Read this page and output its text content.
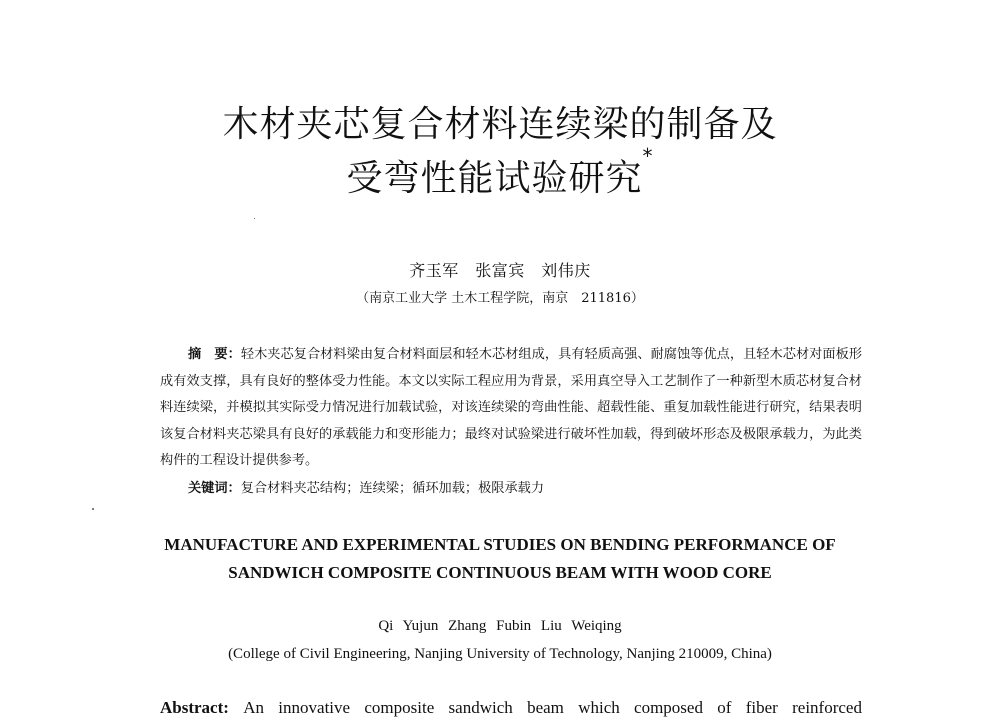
木材夹芯复合材料连续梁的制备及
受弯性能试验研究*
齐玉军　张富宾　刘伟庆
（南京工业大学 土木工程学院，南京　211816）

摘　要：轻木夹芯复合材料梁由复合材料面层和轻木芯材组成，具有轻质高强、耐腐蚀等优点，且轻木芯材对面板形成有效支撑，具有良好的整体受力性能。本文以实际工程应用为背景，采用真空导入工艺制作了一种新型木质芯材复合材料连续梁，并模拟其实际受力情况进行加载试验，对该连续梁的弯曲性能、超载性能、重复加载性能进行研究，结果表明该复合材料夹芯梁具有良好的承载能力和变形能力；最终对试验梁进行破坏性加载，得到破坏形态及极限承载力，为此类构件的工程设计提供参考。

关键词：复合材料夹芯结构；连续梁；循环加载；极限承载力

MANUFACTURE AND EXPERIMENTAL STUDIES ON BENDING PERFORMANCE OF
SANDWICH COMPOSITE CONTINUOUS BEAM WITH WOOD CORE
Qi Yujun Zhang Fubin Liu Weiqing
(College of Civil Engineering, Nanjing University of Technology, Nanjing 210009, China)

Abstract: An innovative composite sandwich beam which composed of fiber reinforced
